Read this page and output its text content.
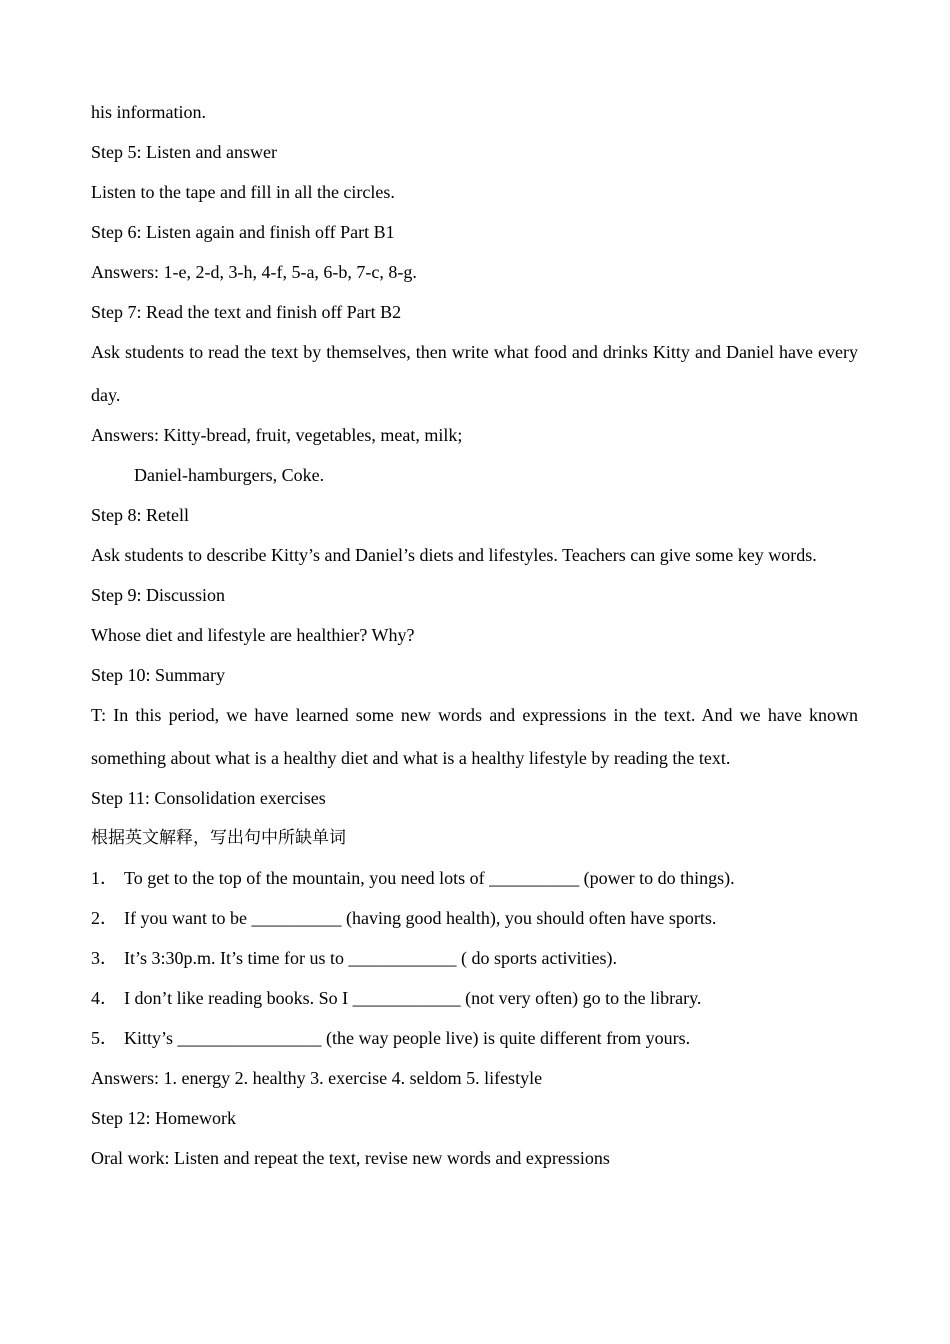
his information.
Step 5: Listen and answer
Listen to the tape and fill in all the circles.
Step 6: Listen again and finish off Part B1
Answers: 1-e, 2-d, 3-h, 4-f, 5-a, 6-b, 7-c, 8-g.
Step 7: Read the text and finish off Part B2
Ask students to read the text by themselves, then write what food and drinks Kitty and Daniel have every day.
Answers: Kitty-bread, fruit, vegetables, meat, milk;
Daniel-hamburgers, Coke.
Step 8: Retell
Ask students to describe Kitty’s and Daniel’s diets and lifestyles. Teachers can give some key words.
Step 9: Discussion
Whose diet and lifestyle are healthier? Why?
Step 10: Summary
T: In this period, we have learned some new words and expressions in the text. And we have known something about what is a healthy diet and what is a healthy lifestyle by reading the text.
Step 11: Consolidation exercises
根据英文解释，写出句中所缺单词
1． To get to the top of the mountain, you need lots of __________ (power to do things).
2． If you want to be __________ (having good health), you should often have sports.
3． It’s 3:30p.m. It’s time for us to ____________ ( do sports activities).
4． I don’t like reading books. So I ____________ (not very often) go to the library.
5． Kitty’s ________________ (the way people live) is quite different from yours.
Answers: 1. energy 2. healthy 3. exercise 4. seldom 5. lifestyle
Step 12: Homework
Oral work: Listen and repeat the text, revise new words and expressions
